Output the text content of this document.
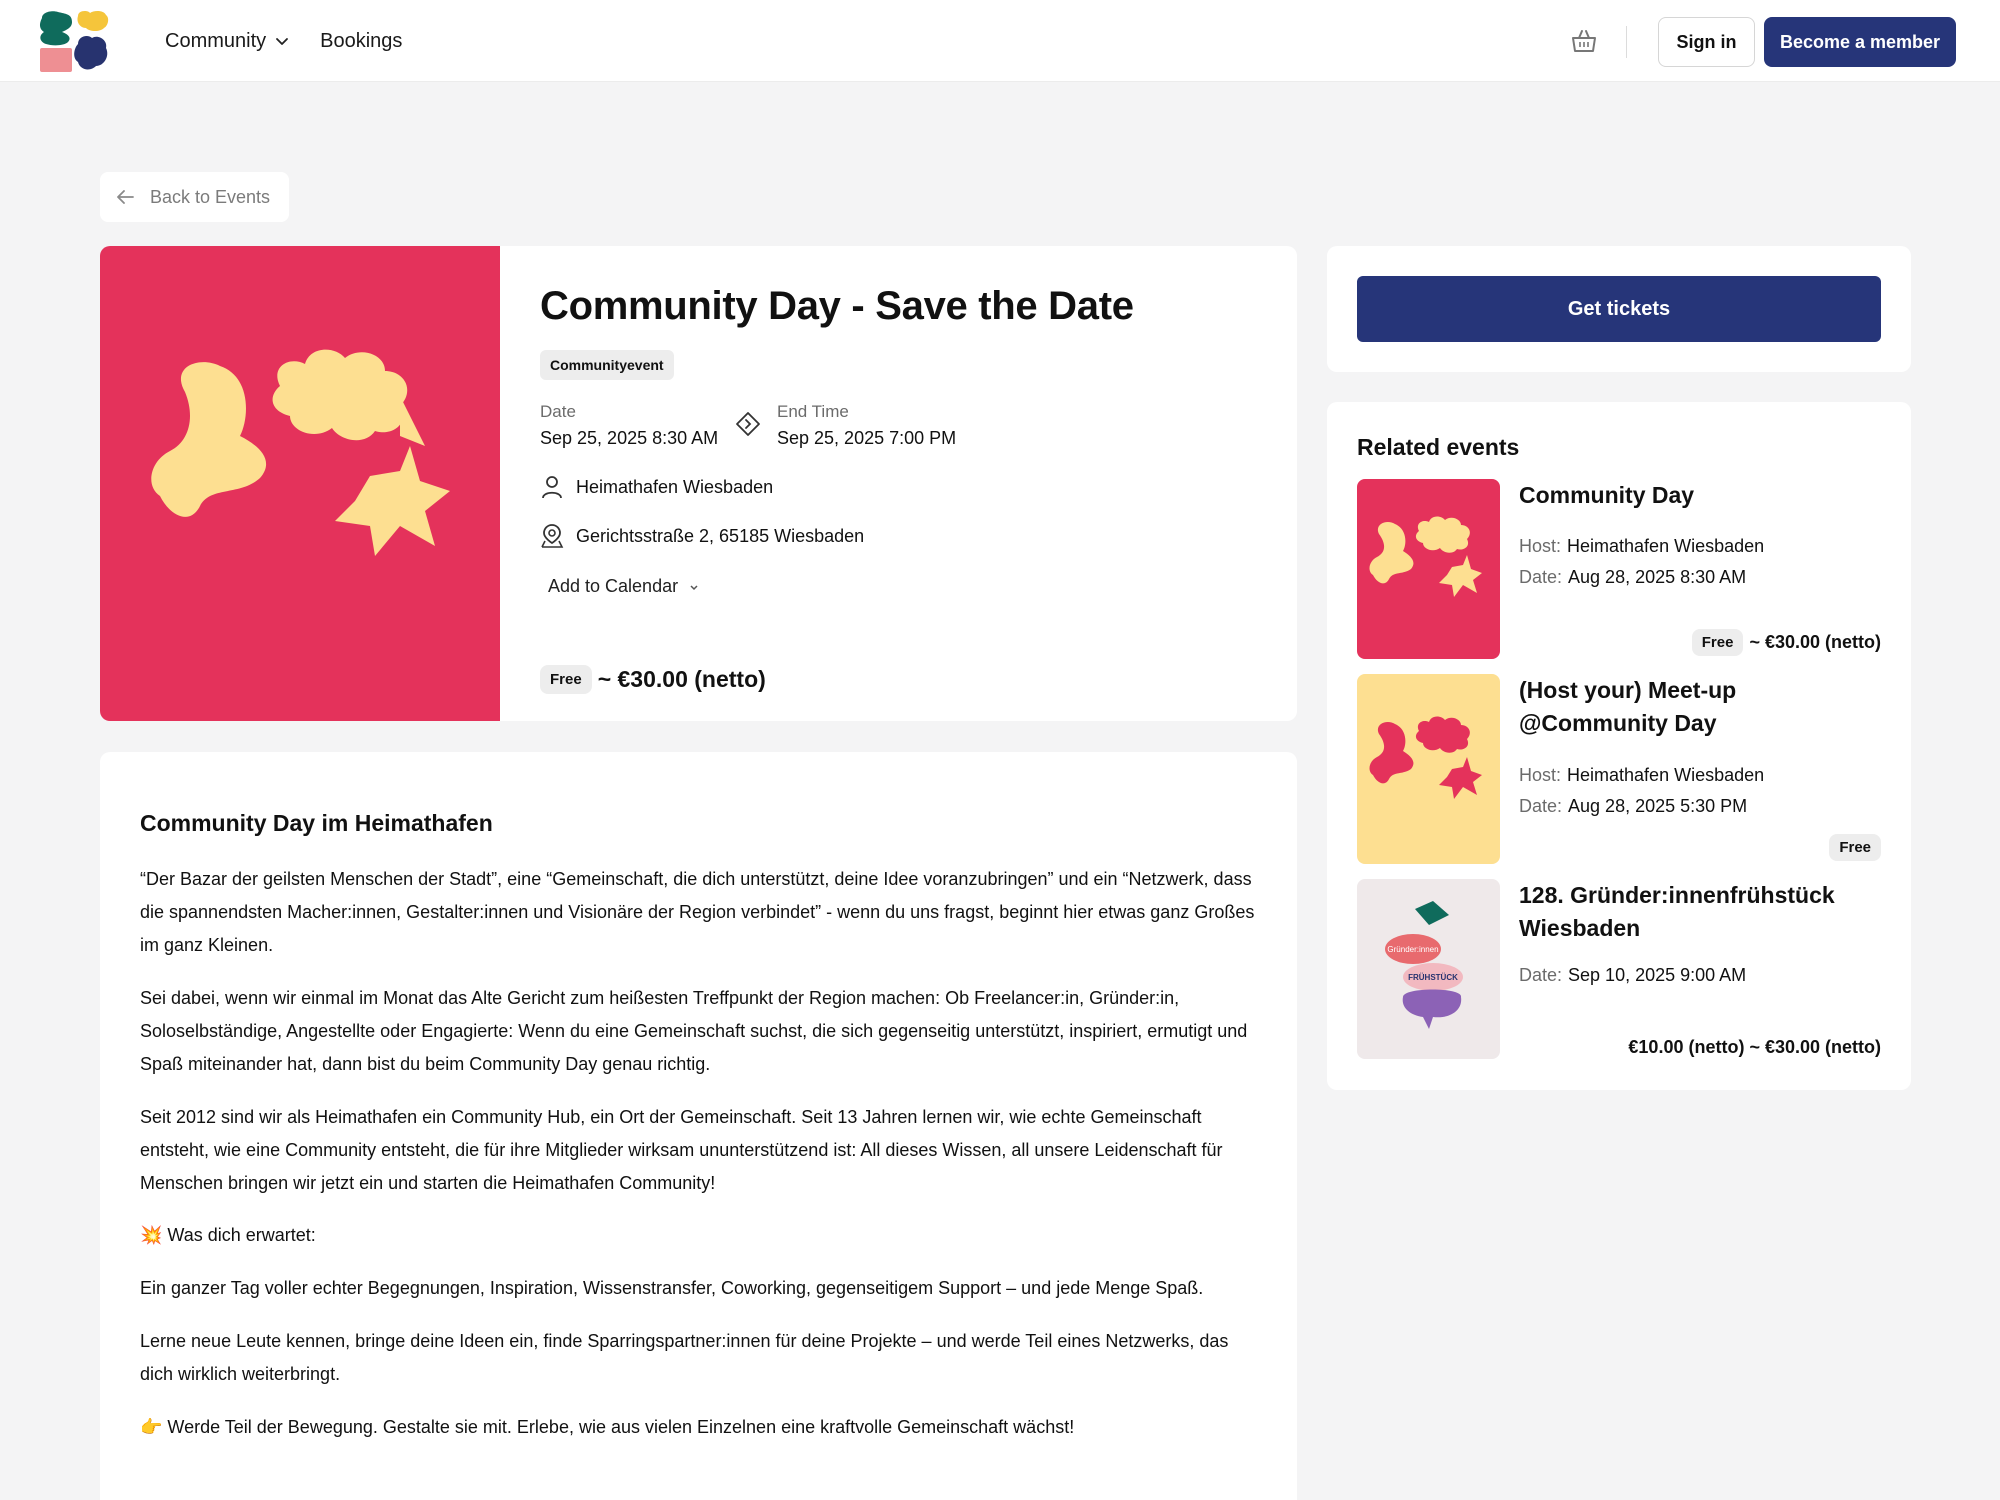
Community	Bookings	Sign in	Become a member
Back to Events
Community Day - Save the Date
Communityevent
Date
Sep 25, 2025 8:30 AM
End Time
Sep 25, 2025 7:00 PM
Heimathafen Wiesbaden
Gerichtsstraße 2, 65185 Wiesbaden
Add to Calendar
Free ~ €30.00 (netto)
Get tickets
Related events
Community Day
Host: Heimathafen Wiesbaden
Date: Aug 28, 2025 8:30 AM
Free ~ €30.00 (netto)
(Host your) Meet-up @Community Day
Host: Heimathafen Wiesbaden
Date: Aug 28, 2025 5:30 PM
Free
Gründer:innen
FRÜHSTÜCK
128. Gründer:innenfrühstück Wiesbaden
Date: Sep 10, 2025 9:00 AM
€10.00 (netto) ~ €30.00 (netto)
Community Day im Heimathafen
“Der Bazar der geilsten Menschen der Stadt”, eine “Gemeinschaft, die dich unterstützt, deine Idee voranzubringen” und ein “Netzwerk, dass die spannendsten Macher:innen, Gestalter:innen und Visionäre der Region verbindet” - wenn du uns fragst, beginnt hier etwas ganz Großes im ganz Kleinen.
Sei dabei, wenn wir einmal im Monat das Alte Gericht zum heißesten Treffpunkt der Region machen: Ob Freelancer:in, Gründer:in, Soloselbständige, Angestellte oder Engagierte: Wenn du eine Gemeinschaft suchst, die sich gegenseitig unterstützt, inspiriert, ermutigt und Spaß miteinander hat, dann bist du beim Community Day genau richtig.
Seit 2012 sind wir als Heimathafen ein Community Hub, ein Ort der Gemeinschaft. Seit 13 Jahren lernen wir, wie echte Gemeinschaft entsteht, wie eine Community entsteht, die für ihre Mitglieder wirksam ununterstützend ist: All dieses Wissen, all unsere Leidenschaft für Menschen bringen wir jetzt ein und starten die Heimathafen Community!
💥 Was dich erwartet:
Ein ganzer Tag voller echter Begegnungen, Inspiration, Wissenstransfer, Coworking, gegenseitigem Support – und jede Menge Spaß.
Lerne neue Leute kennen, bringe deine Ideen ein, finde Sparringspartner:innen für deine Projekte – und werde Teil eines Netzwerks, das dich wirklich weiterbringt.
👉 Werde Teil der Bewegung. Gestalte sie mit. Erlebe, wie aus vielen Einzelnen eine kraftvolle Gemeinschaft wächst!
